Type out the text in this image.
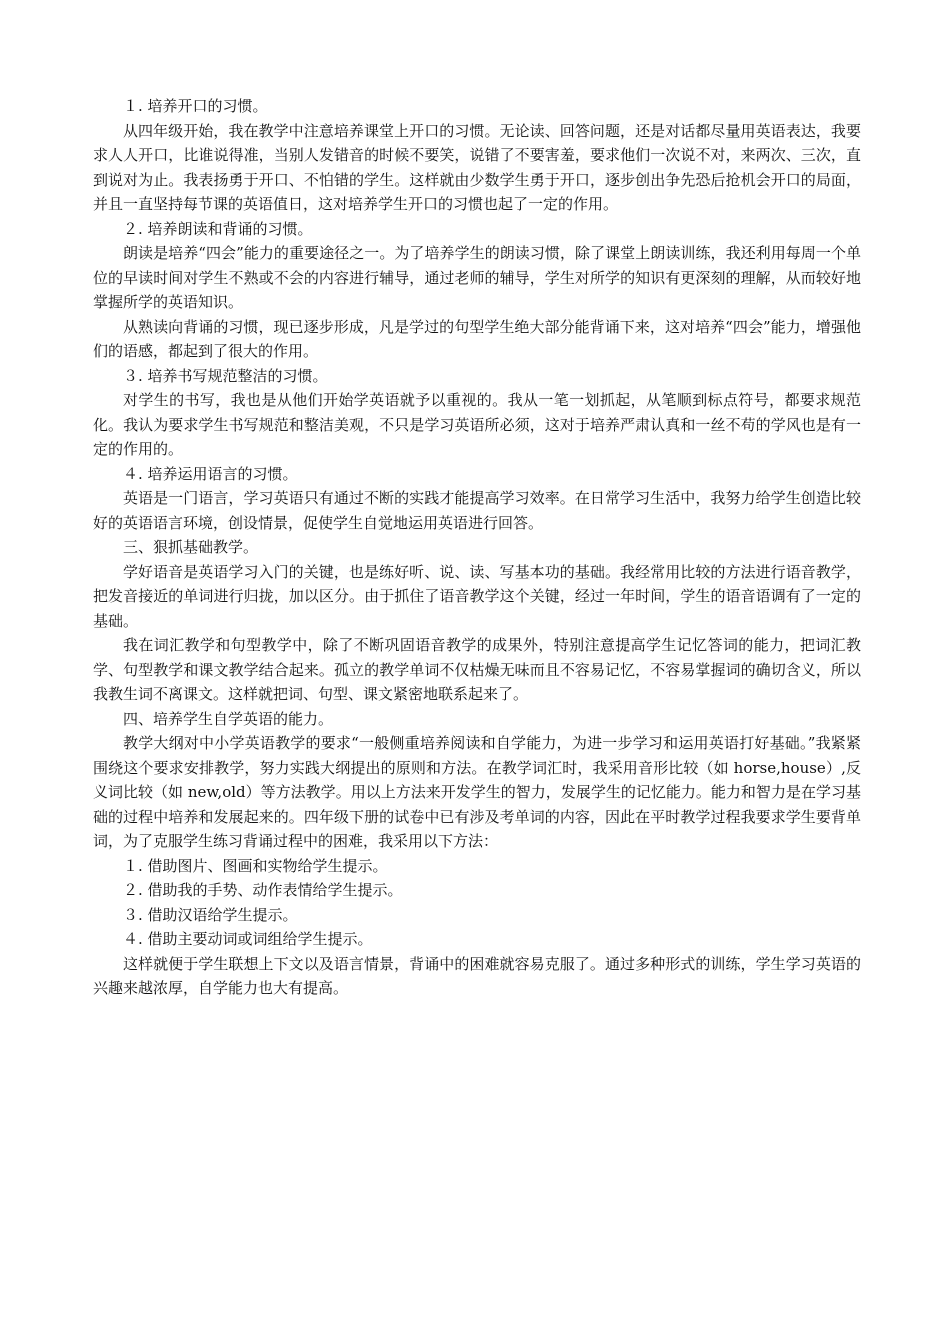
１. 培养开口的习惯。

从四年级开始，我在教学中注意培养课堂上开口的习惯。无论读、回答问题，还是对话都尽量用英语表达，我要求人人开口，比谁说得准，当别人发错音的时候不要笑，说错了不要害羞，要求他们一次说不对，来两次、三次，直到说对为止。我表扬勇于开口、不怕错的学生。这样就由少数学生勇于开口，逐步创出争先恐后抢机会开口的局面，并且一直坚持每节课的英语值日，这对培养学生开口的习惯也起了一定的作用。

２. 培养朗读和背诵的习惯。

朗读是培养“四会”能力的重要途径之一。为了培养学生的朗读习惯，除了课堂上朗读训练，我还利用每周一个单位的早读时间对学生不熟或不会的内容进行辅导，通过老师的辅导，学生对所学的知识有更深刻的理解，从而较好地掌握所学的英语知识。

从熟读向背诵的习惯，现已逐步形成，凡是学过的句型学生绝大部分能背诵下来，这对培养“四会”能力，增强他们的语感，都起到了很大的作用。

３. 培养书写规范整洁的习惯。

对学生的书写，我也是从他们开始学英语就予以重视的。我从一笔一划抓起，从笔顺到标点符号，都要求规范化。我认为要求学生书写规范和整洁美观，不只是学习英语所必须，这对于培养严肃认真和一丝不苟的学风也是有一定的作用的。

４. 培养运用语言的习惯。

英语是一门语言，学习英语只有通过不断的实践才能提高学习效率。在日常学习生活中，我努力给学生创造比较好的英语语言环境，创设情景，促使学生自觉地运用英语进行回答。

三、狠抓基础教学。

学好语音是英语学习入门的关键，也是练好听、说、读、写基本功的基础。我经常用比较的方法进行语音教学，把发音接近的单词进行归拢，加以区分。由于抓住了语音教学这个关键，经过一年时间，学生的语音语调有了一定的基础。

我在词汇教学和句型教学中，除了不断巩固语音教学的成果外，特别注意提高学生记忆答词的能力，把词汇教学、句型教学和课文教学结合起来。孤立的教学单词不仅枯燥无味而且不容易记忆，不容易掌握词的确切含义，所以我教生词不离课文。这样就把词、句型、课文紧密地联系起来了。

四、培养学生自学英语的能力。

教学大纲对中小学英语教学的要求“一般侧重培养阅读和自学能力，为进一步学习和运用英语打好基础。”我紧紧围绕这个要求安排教学，努力实践大纲提出的原则和方法。在教学词汇时，我采用音形比较（如 horse,house）,反义词比较（如 new,old）等方法教学。用以上方法来开发学生的智力，发展学生的记忆能力。能力和智力是在学习基础的过程中培养和发展起来的。四年级下册的试卷中已有涉及考单词的内容，因此在平时教学过程我要求学生要背单词，为了克服学生练习背诵过程中的困难，我采用以下方法：

１. 借助图片、图画和实物给学生提示。

２. 借助我的手势、动作表情给学生提示。

３. 借助汉语给学生提示。

４. 借助主要动词或词组给学生提示。

这样就便于学生联想上下文以及语言情景，背诵中的困难就容易克服了。通过多种形式的训练，学生学习英语的兴趣来越浓厚，自学能力也大有提高。
